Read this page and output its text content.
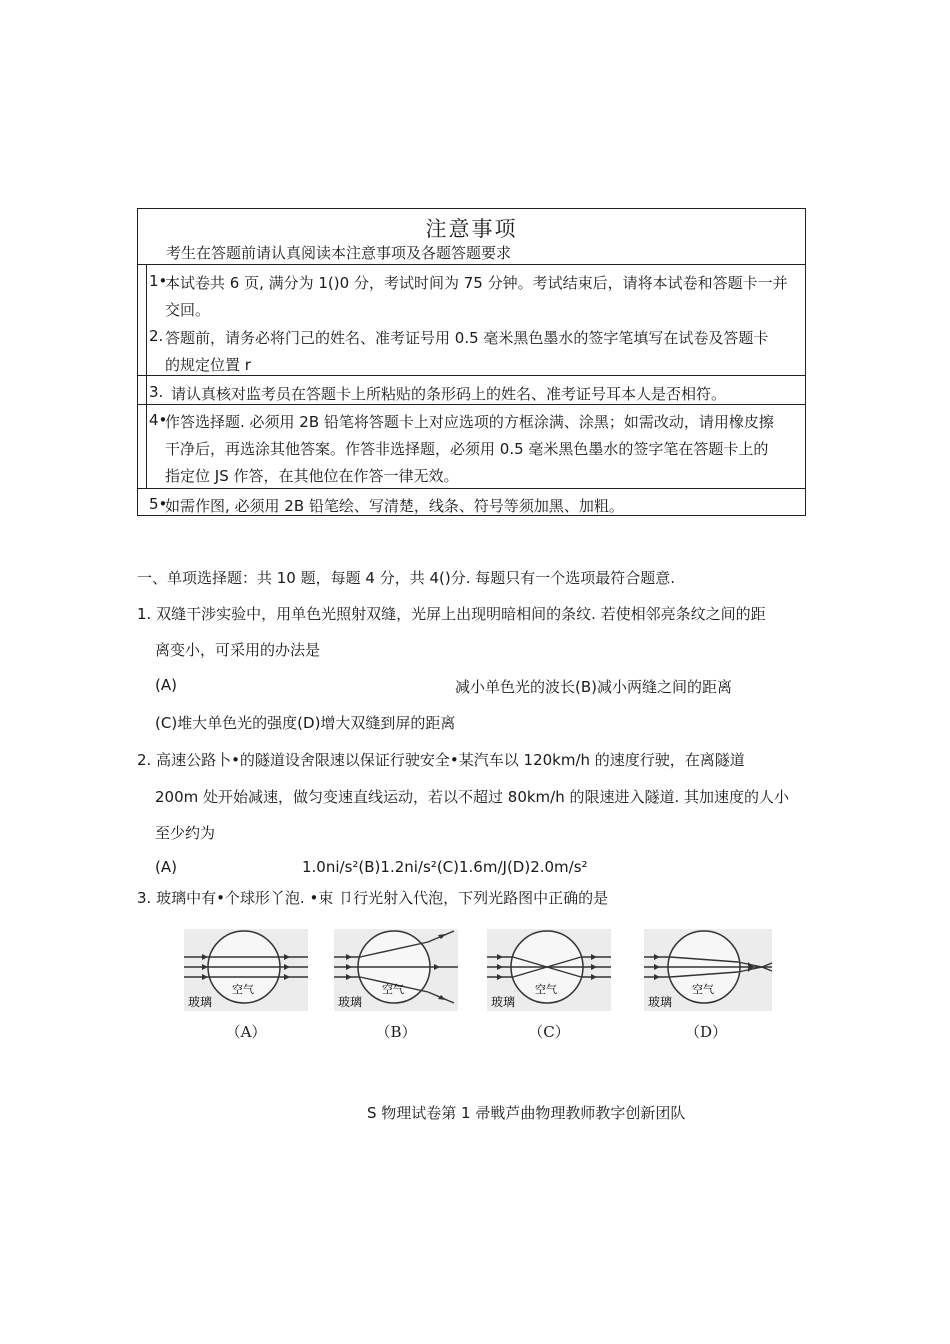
注意事项
考生在答题前请认真阅读本注意事项及各题答题要求
1•
本试卷共 6 页, 满分为 1()0 分，考试时间为 75 分钟。考试结束后，请将本试卷和答题卡一并
交回。
2. 答题前，请务必将门己的姓名、准考证号用 0.5 毫米黑色墨水的签字笔填写在试卷及答题卡
的规定位置 r
3. 请认真核对监考员在答题卡上所粘贴的条形码上的姓名、准考证号耳本人是否相符。
4•
作答选择题. 必须用 2B 铅笔将答题卡上对应选项的方框涂满、涂黑；如需改动，请用橡皮擦
干净后，再选涂其他答案。作答非选择题，必须用 0.5 毫米黑色墨水的签字笔在答题卡上的
指定位 JS 作答，在其他位在作答一律无效。
5•
如需作图, 必须用 2B 铅笔绘、写清楚，线条、符号等须加黑、加粗。
一、单项选择题：共 10 题，每题 4 分，共 4()分. 每题只有一个选项最符合题意.
1. 双缝干涉实验中，用单色光照射双缝，光屏上出现明暗相间的条纹. 若使相邻亮条纹之间的距
离变小，可采用的办法是
(A)	减小单色光的波长(B)减小两缝之间的距离
(C)堆大单色光的强度(D)增大双缝到屏的距离
2. 高速公路卜•的隧道设舍限速以保证行驶安全•某汽车以 120km/h 的速度行驶，在离隧道
200m 处开始减速，做匀变速直线运动，若以不超过 80km/h 的限速进入隧道. 其加速度的人小
至少约为
(A)	1.0ni/s²(B)1.2ni/s²(C)1.6m/J(D)2.0m/s²
3. 玻璃中有•个球形丫泡. •束 卩行光射入代泡，下列光路图中正确的是
玻璃
空气
玻璃
空气
玻璃
空气
玻璃
空气
（A）	（B）	（C）	（D）
S 物理试卷第 1 帚戦芦曲物理教师教字创新团队
